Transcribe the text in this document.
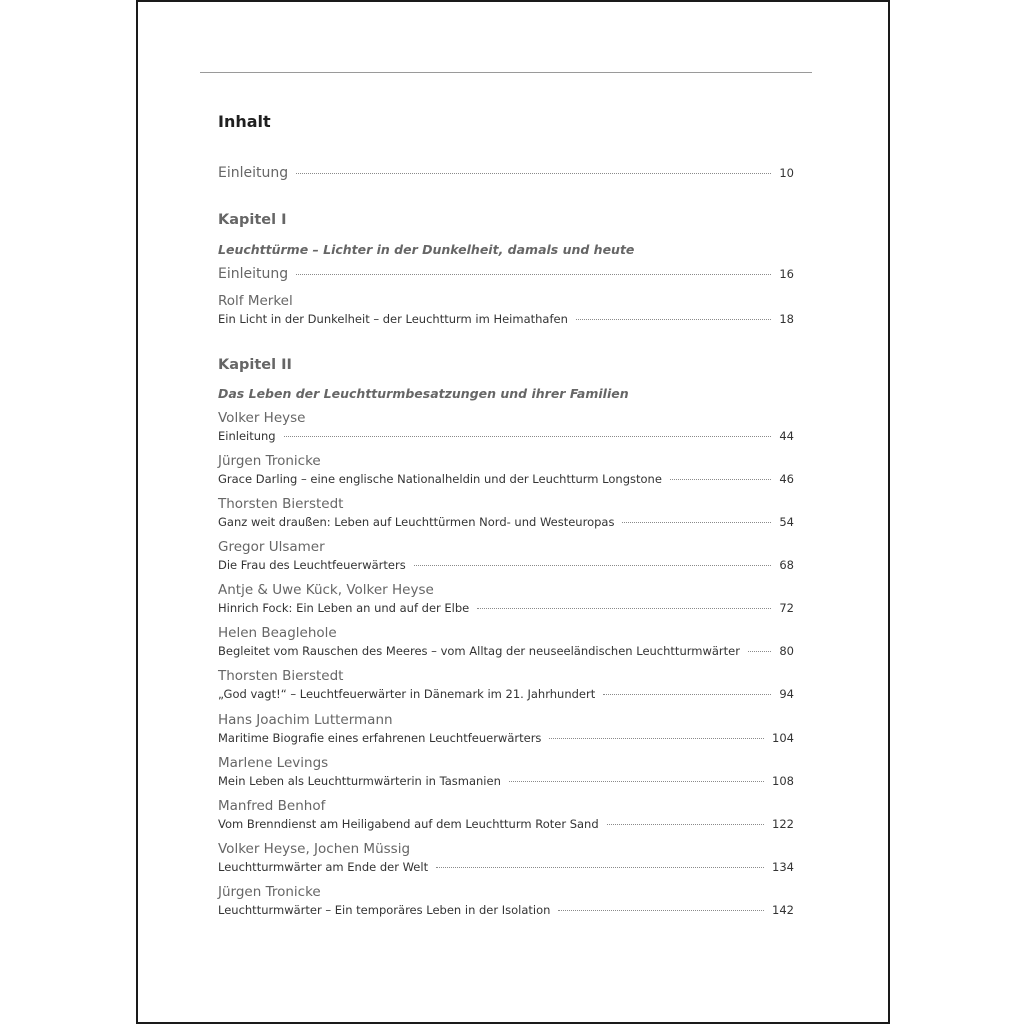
Inhalt
Einleitung	10
Kapitel I
Leuchttürme – Lichter in der Dunkelheit, damals und heute
Einleitung	16
Rolf Merkel
Ein Licht in der Dunkelheit – der Leuchtturm im Heimathafen	18
Kapitel II
Das Leben der Leuchtturmbesatzungen und ihrer Familien
Volker Heyse
Einleitung	44
Jürgen Tronicke
Grace Darling – eine englische Nationalheldin und der Leuchtturm Longstone	46
Thorsten Bierstedt
Ganz weit draußen: Leben auf Leuchttürmen Nord- und Westeuropas	54
Gregor Ulsamer
Die Frau des Leuchtfeuerwärters	68
Antje & Uwe Kück, Volker Heyse
Hinrich Fock: Ein Leben an und auf der Elbe	72
Helen Beaglehole
Begleitet vom Rauschen des Meeres – vom Alltag der neuseeländischen Leuchtturmwärter	80
Thorsten Bierstedt
„God vagt!“ – Leuchtfeuerwärter in Dänemark im 21. Jahrhundert	94
Hans Joachim Luttermann
Maritime Biografie eines erfahrenen Leuchtfeuerwärters	104
Marlene Levings
Mein Leben als Leuchtturmwärterin in Tasmanien	108
Manfred Benhof
Vom Brenndienst am Heiligabend auf dem Leuchtturm Roter Sand	122
Volker Heyse, Jochen Müssig
Leuchtturmwärter am Ende der Welt	134
Jürgen Tronicke
Leuchtturmwärter – Ein temporäres Leben in der Isolation	142
